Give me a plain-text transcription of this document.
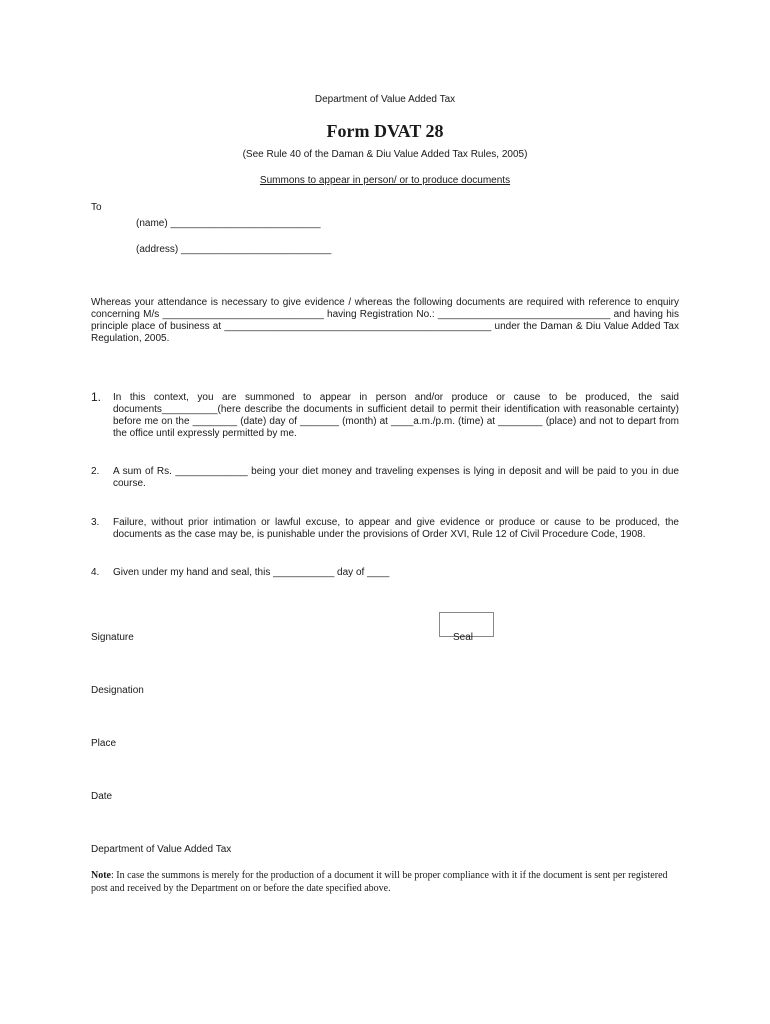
Department of Value Added Tax
Form DVAT 28
(See Rule 40 of the Daman & Diu Value Added Tax Rules, 2005)
Summons to appear in person/ or to produce documents
To
(name) ___________________________
(address) ___________________________
Whereas your attendance is necessary to give evidence / whereas the following documents are required with reference to enquiry concerning M/s _____________________________ having Registration No.: _______________________________ and having his principle place of business at ________________________________________________ under the Daman & Diu Value Added Tax Regulation, 2005.
1. In this context, you are summoned to appear in person and/or produce or cause to be produced, the said documents__________(here describe the documents in sufficient detail to permit their identification with reasonable certainty) before me on the ________ (date) day of _______ (month) at ____a.m./p.m. (time) at ________ (place) and not to depart from the office until expressly permitted by me.
2. A sum of Rs. _____________ being your diet money and traveling expenses is lying in deposit and will be paid to you in due course.
3. Failure, without prior intimation or lawful excuse, to appear and give evidence or produce or cause to be produced, the documents as the case may be, is punishable under the provisions of Order XVI, Rule 12 of Civil Procedure Code, 1908.
4. Given under my hand and seal, this ___________ day of ____
Signature	Seal
Designation
Place
Date
Department of Value Added Tax
Note: In case the summons is merely for the production of a document it will be proper compliance with it if the document is sent per registered post and received by the Department on or before the date specified above.
